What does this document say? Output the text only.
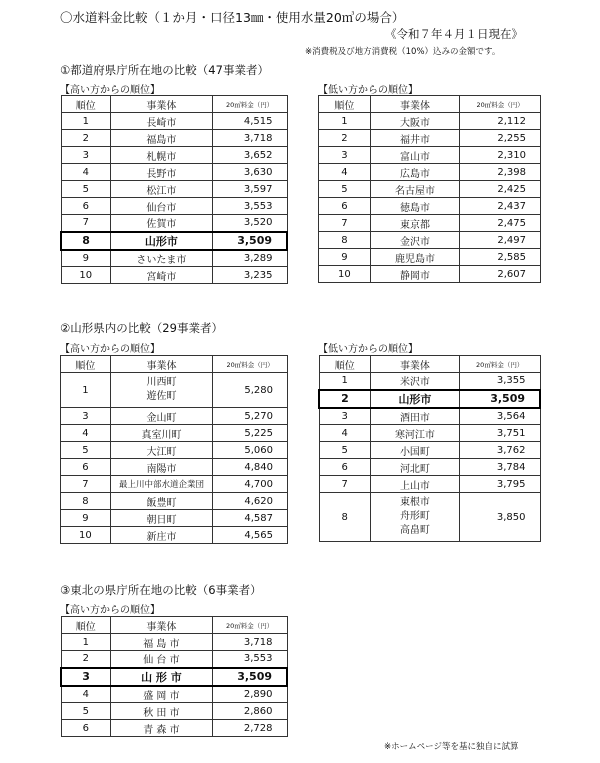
〇水道料金比較（１か月・口径13㎜・使用水量20㎥の場合）
《令和７年４月１日現在》
※消費税及び地方消費税（10%）込みの金額です。
①都道府県庁所在地の比較（47事業者）
【高い方からの順位】	【低い方からの順位】
順位	事業体	20㎥料金（円）
1	長崎市	4,515
2	福島市	3,718
3	札幌市	3,652
4	長野市	3,630
5	松江市	3,597
6	仙台市	3,553
7	佐賀市	3,520
8	山形市	3,509
9	さいたま市	3,289
10	宮崎市	3,235
順位	事業体	20㎥料金（円）
1	大阪市	2,112
2	福井市	2,255
3	富山市	2,310
4	広島市	2,398
5	名古屋市	2,425
6	徳島市	2,437
7	東京都	2,475
8	金沢市	2,497
9	鹿児島市	2,585
10	静岡市	2,607
②山形県内の比較（29事業者）
【高い方からの順位】	【低い方からの順位】
順位	事業体	20㎥料金（円）
1	川西町
遊佐町	5,280
3	金山町	5,270
4	真室川町	5,225
5	大江町	5,060
6	南陽市	4,840
7	最上川中部水道企業団	4,700
8	飯豊町	4,620
9	朝日町	4,587
10	新庄市	4,565
順位	事業体	20㎥料金（円）
1	米沢市	3,355
2	山形市	3,509
3	酒田市	3,564
4	寒河江市	3,751
5	小国町	3,762
6	河北町	3,784
7	上山市	3,795
8	東根市
舟形町
高畠町	3,850
③東北の県庁所在地の比較（6事業者）
【高い方からの順位】
順位	事業体	20㎥料金（円）
1	福 島 市	3,718
2	仙 台 市	3,553
3	山 形 市	3,509
4	盛 岡 市	2,890
5	秋 田 市	2,860
6	青 森 市	2,728
※ホームページ等を基に独自に試算
